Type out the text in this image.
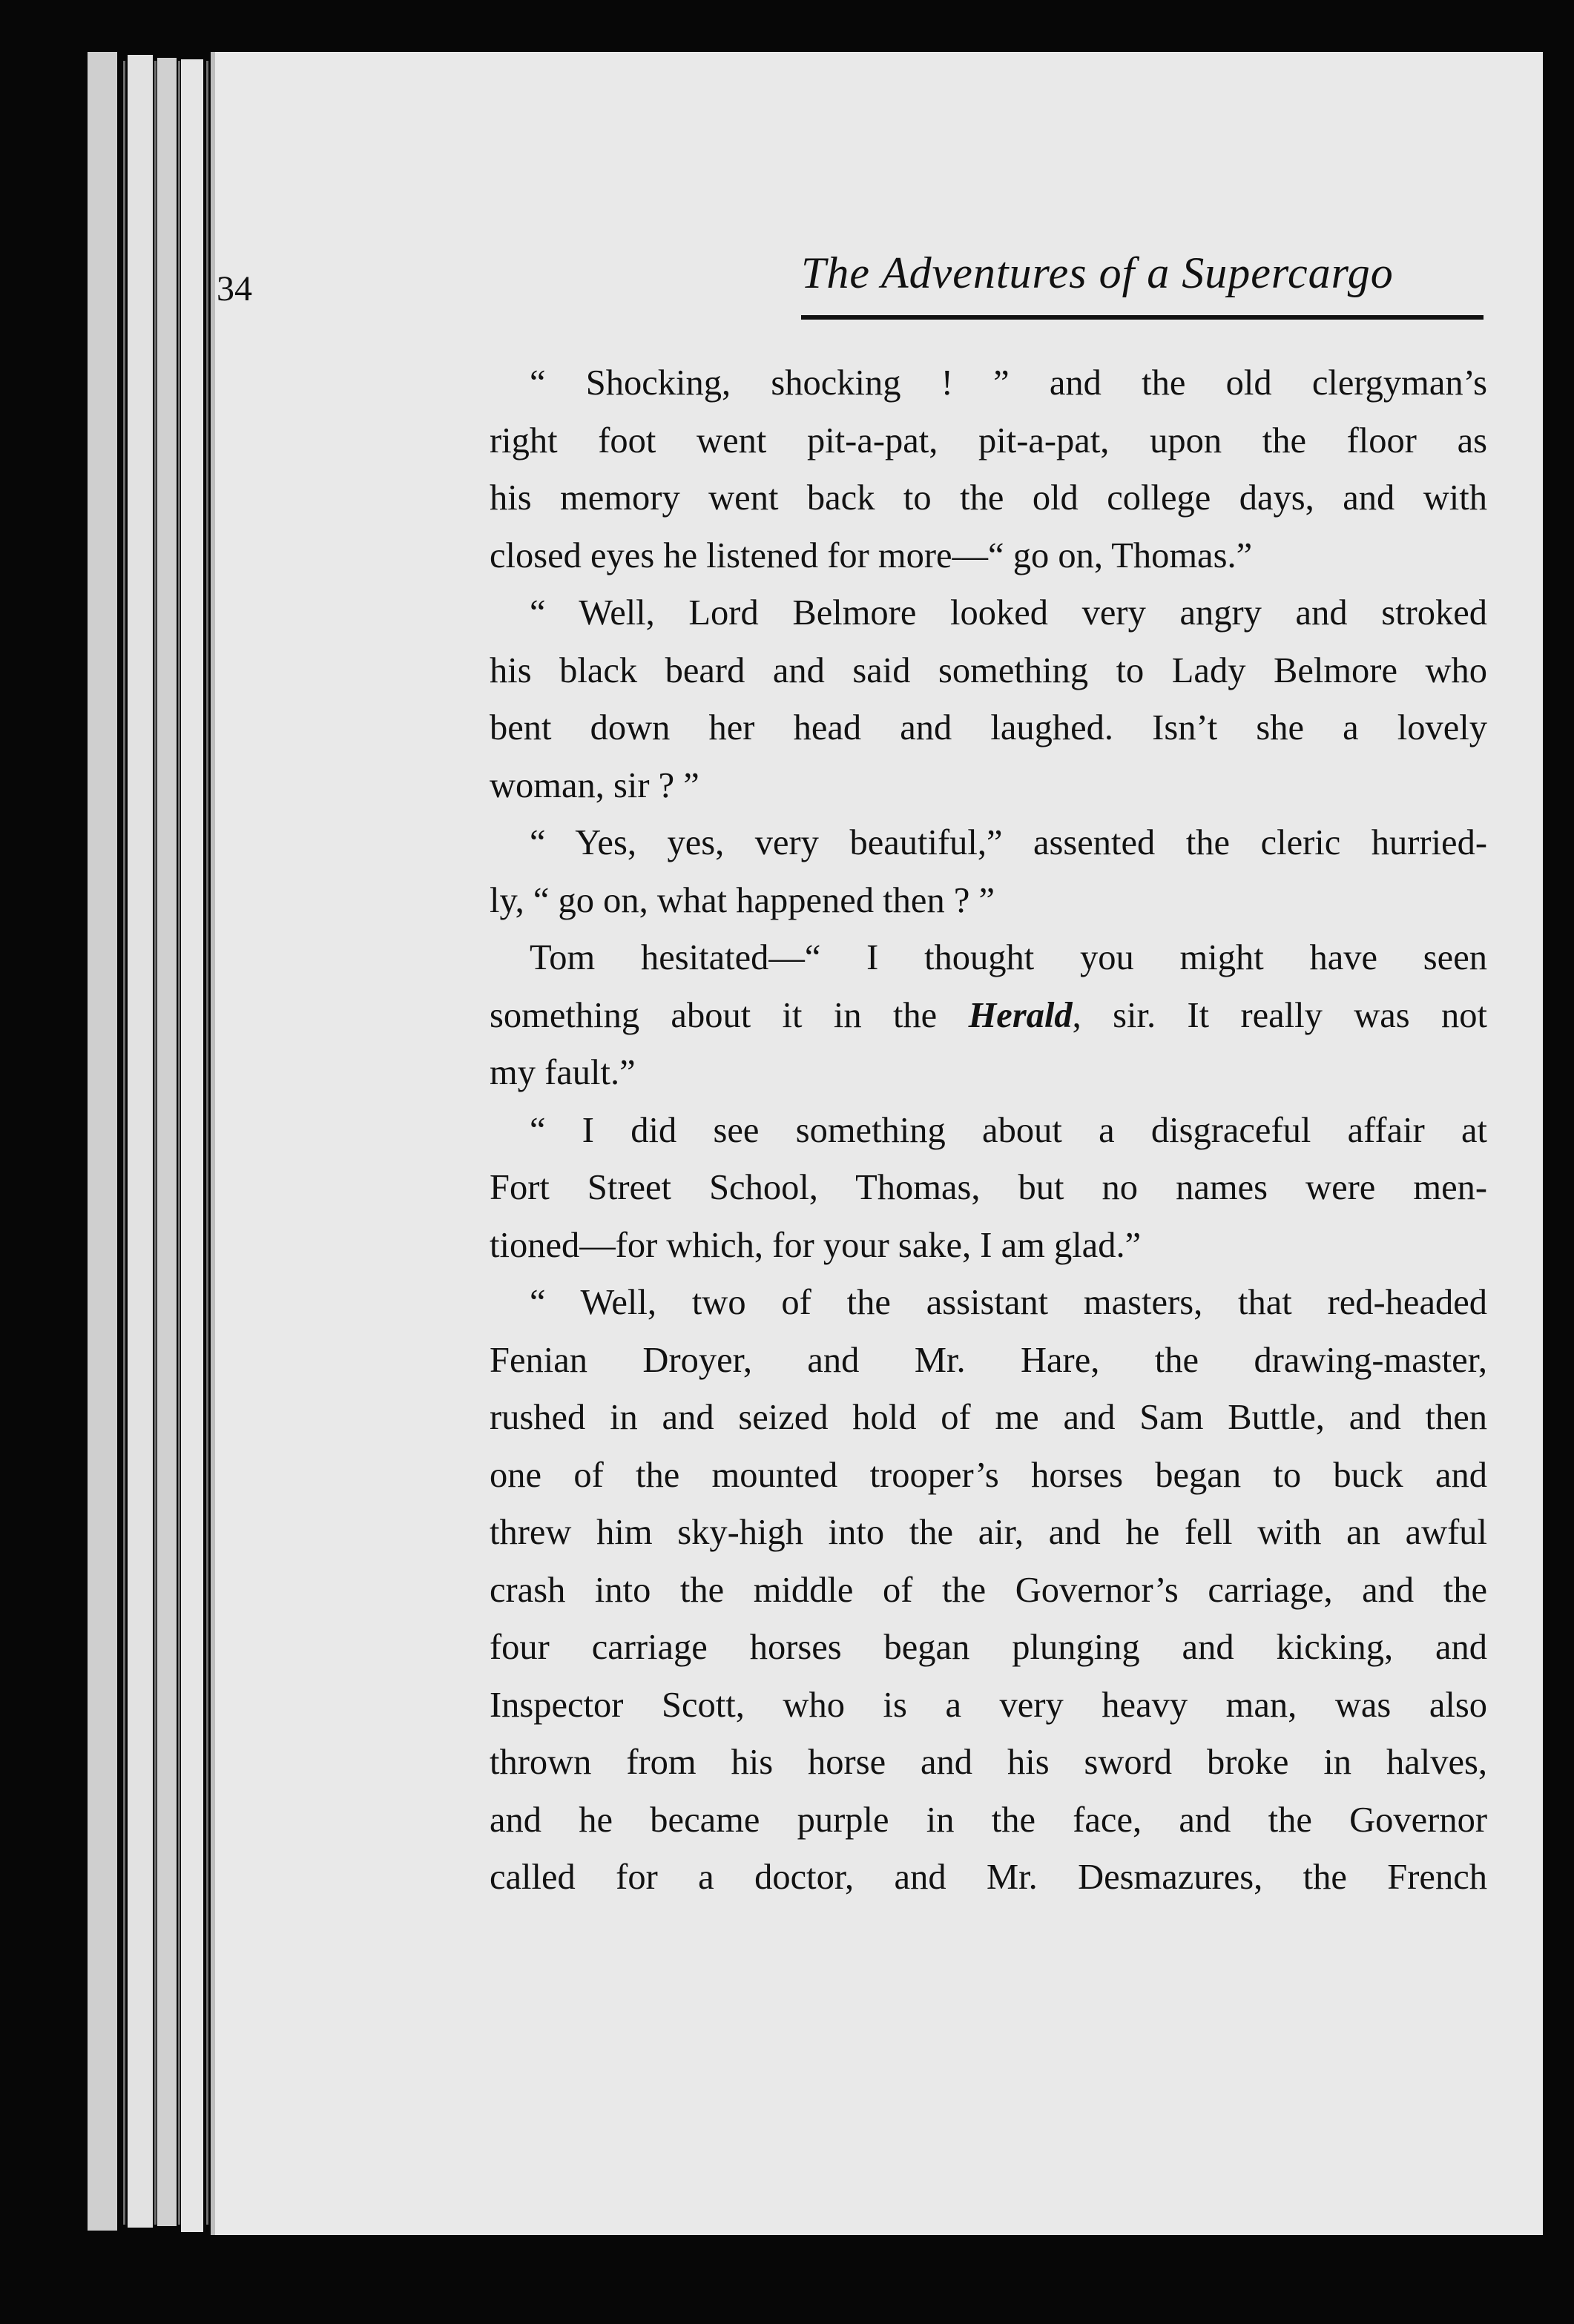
34	The Adventures of a Supercargo

“ Shocking, shocking ! ” and the old clergyman’s

right foot went pit-a-pat, pit-a-pat, upon the floor as

his memory went back to the old college days, and with

closed eyes he listened for more—“ go on, Thomas.”

“ Well, Lord Belmore looked very angry and stroked

his black beard and said something to Lady Belmore who

bent down her head and laughed. Isn’t she a lovely

woman, sir ? ”

“ Yes, yes, very beautiful,” assented the cleric hurried-

ly, “ go on, what happened then ? ”

Tom hesitated—“ I thought you might have seen

something about it in the Herald, sir. It really was not

my fault.”

“ I did see something about a disgraceful affair at

Fort Street School, Thomas, but no names were men-

tioned—for which, for your sake, I am glad.”

“ Well, two of the assistant masters, that red-headed

Fenian Droyer, and Mr. Hare, the drawing-master,

rushed in and seized hold of me and Sam Buttle, and then

one of the mounted trooper’s horses began to buck and

threw him sky-high into the air, and he fell with an awful

crash into the middle of the Governor’s carriage, and the

four carriage horses began plunging and kicking, and

Inspector Scott, who is a very heavy man, was also

thrown from his horse and his sword broke in halves,

and he became purple in the face, and the Governor

called for a doctor, and Mr. Desmazures, the French
